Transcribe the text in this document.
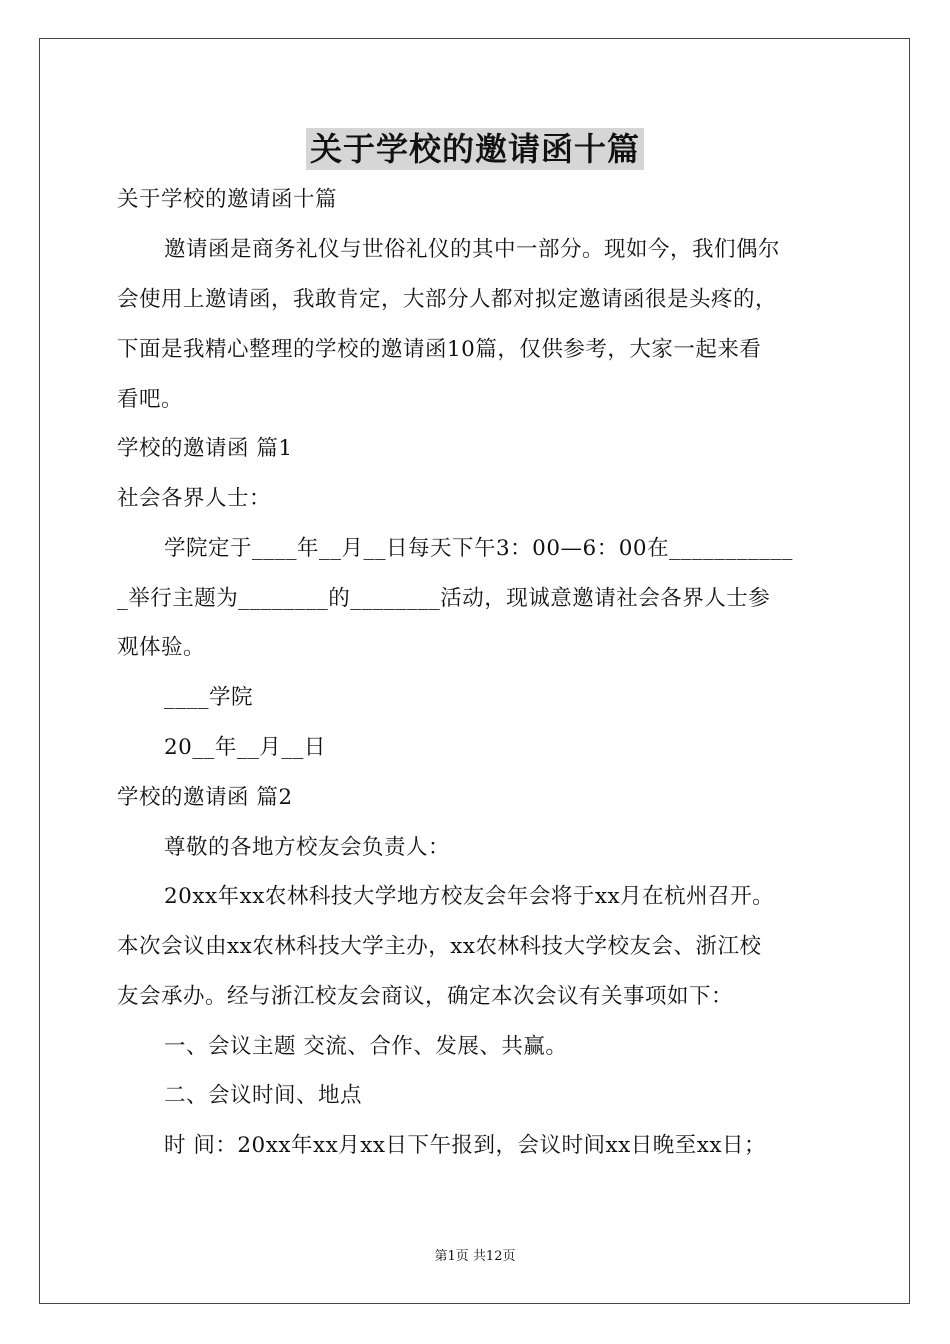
关于学校的邀请函十篇
关于学校的邀请函十篇
邀请函是商务礼仪与世俗礼仪的其中一部分。现如今，我们偶尔
会使用上邀请函，我敢肯定，大部分人都对拟定邀请函很是头疼的，
下面是我精心整理的学校的邀请函10篇，仅供参考，大家一起来看
看吧。
学校的邀请函 篇1
社会各界人士：
学院定于____年__月__日每天下午3：00—6：00在___________
_举行主题为________的________活动，现诚意邀请社会各界人士参
观体验。
____学院
20__年__月__日
学校的邀请函 篇2
尊敬的各地方校友会负责人：
20xx年xx农林科技大学地方校友会年会将于xx月在杭州召开。
本次会议由xx农林科技大学主办，xx农林科技大学校友会、浙江校
友会承办。经与浙江校友会商议，确定本次会议有关事项如下：
一、会议主题 交流、合作、发展、共赢。
二、会议时间、地点
时 间：20xx年xx月xx日下午报到，会议时间xx日晚至xx日；
第1页 共12页
